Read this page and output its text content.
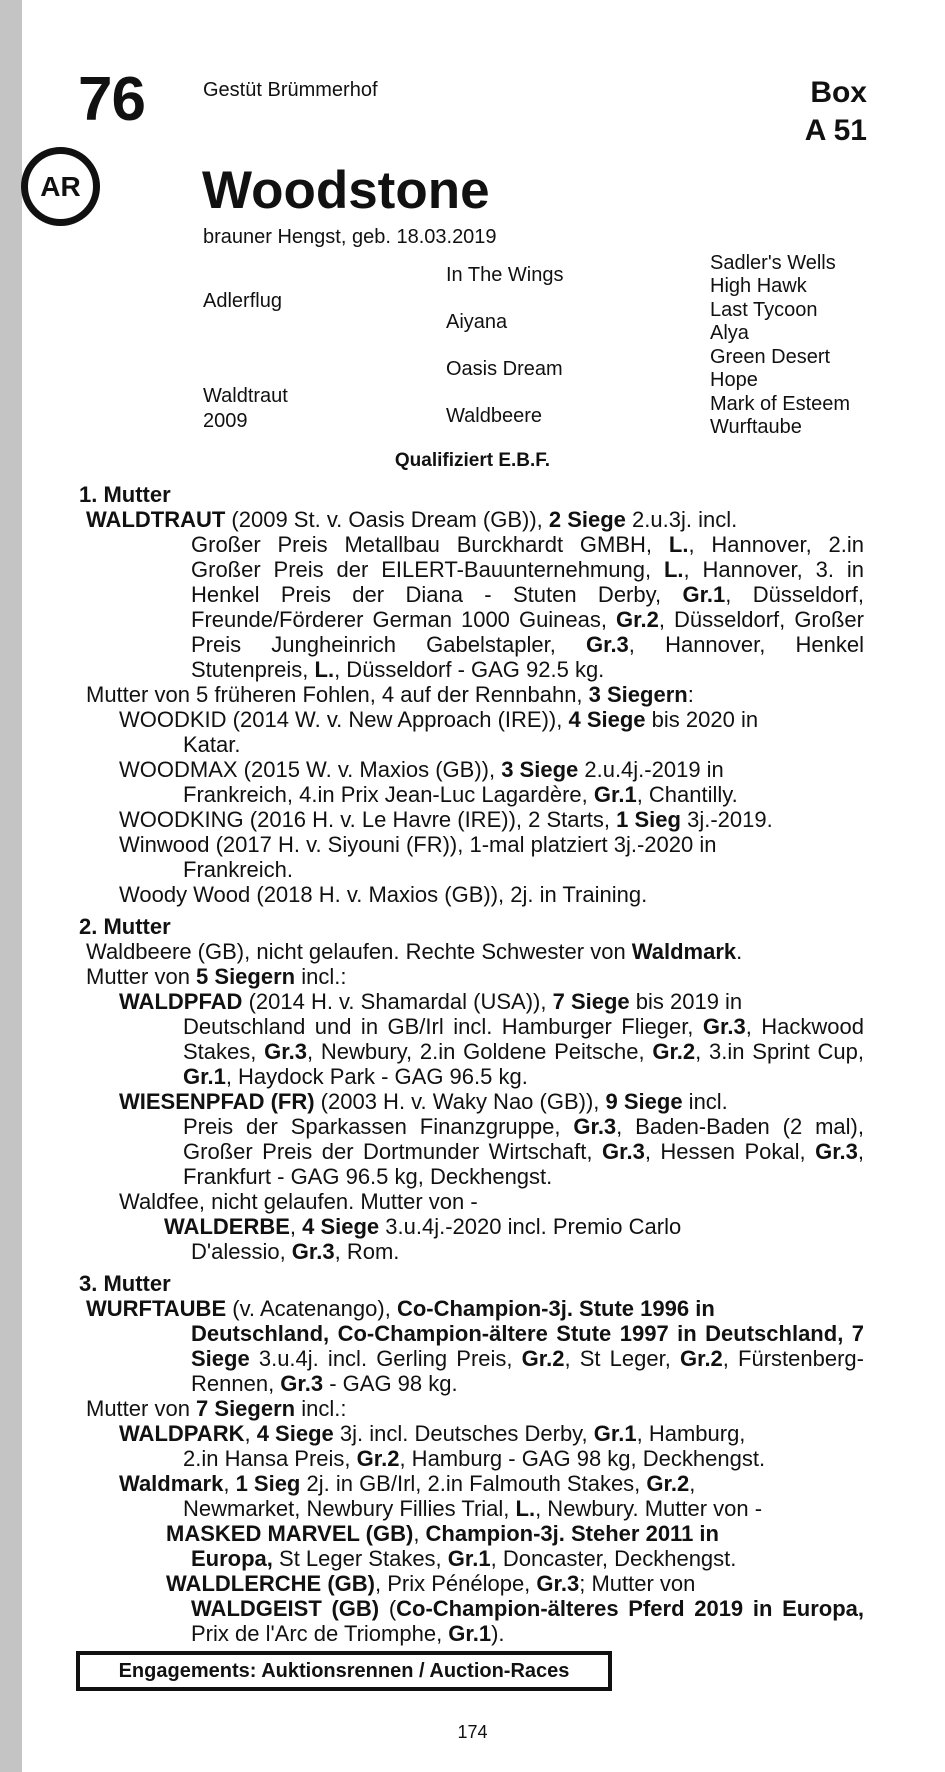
76
AR
Gestüt Brümmerhof	Box
A 51
Woodstone
brauner Hengst, geb. 18.03.2019
Adlerflug
Waldtraut
2009
In The Wings
Aiyana
Oasis Dream
Waldbeere
Sadler's Wells
High Hawk
Last Tycoon
Alya
Green Desert
Hope
Mark of Esteem
Wurftaube
Qualifiziert E.B.F.
1. Mutter
WALDTRAUT (2009 St. v. Oasis Dream (GB)), 2 Siege 2.u.3j. incl.
Großer Preis Metallbau Burckhardt GMBH, L., Hannover, 2.in Großer Preis der EILERT-Bauunternehmung, L., Hannover, 3. in Henkel Preis der Diana - Stuten Derby, Gr.1, Düsseldorf, Freunde/Förderer German 1000 Guineas, Gr.2, Düsseldorf, Großer Preis Jungheinrich Gabelstapler, Gr.3, Hannover, Henkel Stutenpreis, L., Düsseldorf - GAG 92.5 kg.
Mutter von 5 früheren Fohlen, 4 auf der Rennbahn, 3 Siegern:
WOODKID (2014 W. v. New Approach (IRE)), 4 Siege bis 2020 in
Katar.
WOODMAX (2015 W. v. Maxios (GB)), 3 Siege 2.u.4j.-2019 in
Frankreich, 4.in Prix Jean-Luc Lagardère, Gr.1, Chantilly.
WOODKING (2016 H. v. Le Havre (IRE)), 2 Starts, 1 Sieg 3j.-2019.
Winwood (2017 H. v. Siyouni (FR)), 1-mal platziert 3j.-2020 in
Frankreich.
Woody Wood (2018 H. v. Maxios (GB)), 2j. in Training.
2. Mutter
Waldbeere (GB), nicht gelaufen. Rechte Schwester von Waldmark.
Mutter von 5 Siegern incl.:
WALDPFAD (2014 H. v. Shamardal (USA)), 7 Siege bis 2019 in
Deutschland und in GB/Irl incl. Hamburger Flieger, Gr.3, Hackwood Stakes, Gr.3, Newbury, 2.in Goldene Peitsche, Gr.2, 3.in Sprint Cup, Gr.1, Haydock Park - GAG 96.5 kg.
WIESENPFAD (FR) (2003 H. v. Waky Nao (GB)), 9 Siege incl.
Preis der Sparkassen Finanzgruppe, Gr.3, Baden-Baden (2 mal), Großer Preis der Dortmunder Wirtschaft, Gr.3, Hessen Pokal, Gr.3, Frankfurt - GAG 96.5 kg, Deckhengst.
Waldfee, nicht gelaufen. Mutter von -
WALDERBE, 4 Siege 3.u.4j.-2020 incl. Premio Carlo
D'alessio, Gr.3, Rom.
3. Mutter
WURFTAUBE (v. Acatenango), Co-Champion-3j. Stute 1996 in
Deutschland, Co-Champion-ältere Stute 1997 in Deutschland, 7 Siege 3.u.4j. incl. Gerling Preis, Gr.2, St Leger, Gr.2, Fürstenberg-Rennen, Gr.3 - GAG 98 kg.
Mutter von 7 Siegern incl.:
WALDPARK, 4 Siege 3j. incl. Deutsches Derby, Gr.1, Hamburg,
2.in Hansa Preis, Gr.2, Hamburg - GAG 98 kg, Deckhengst.
Waldmark, 1 Sieg 2j. in GB/Irl, 2.in Falmouth Stakes, Gr.2,
Newmarket, Newbury Fillies Trial, L., Newbury. Mutter von -
MASKED MARVEL (GB), Champion-3j. Steher 2011 in
Europa, St Leger Stakes, Gr.1, Doncaster, Deckhengst.
WALDLERCHE (GB), Prix Pénélope, Gr.3; Mutter von
WALDGEIST (GB) (Co-Champion-älteres Pferd 2019 in Europa, Prix de l'Arc de Triomphe, Gr.1).
Engagements: Auktionsrennen / Auction-Races
174
